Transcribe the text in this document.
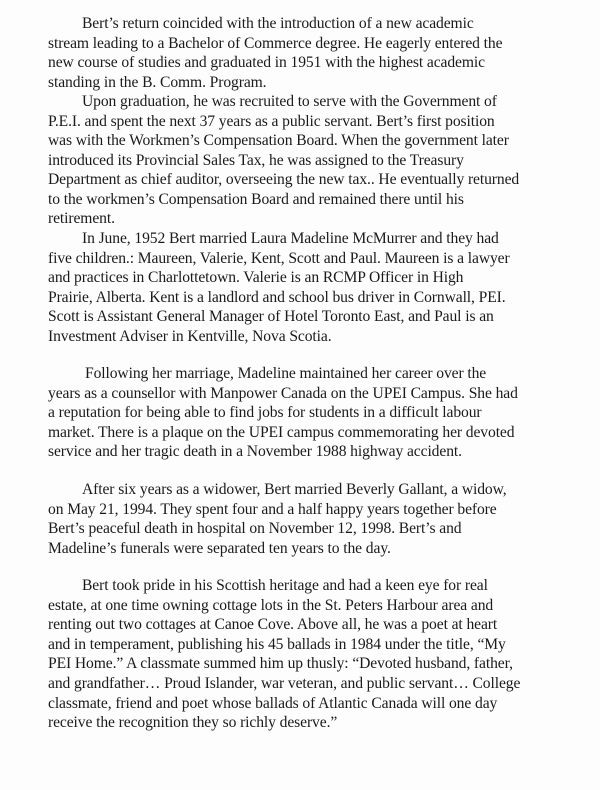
Bert’s return coincided with the introduction of a new academic
stream leading to a Bachelor of Commerce degree. He eagerly entered the
new course of studies and graduated in 1951 with the highest academic
standing in the B. Comm. Program.
Upon graduation, he was recruited to serve with the Government of
P.E.I. and spent the next 37 years as a public servant. Bert’s first position
was with the Workmen’s Compensation Board. When the government later
introduced its Provincial Sales Tax, he was assigned to the Treasury
Department as chief auditor, overseeing the new tax.. He eventually returned
to the workmen’s Compensation Board and remained there until his
retirement.
In June, 1952 Bert married Laura Madeline McMurrer and they had
five children.: Maureen, Valerie, Kent, Scott and Paul. Maureen is a lawyer
and practices in Charlottetown. Valerie is an RCMP Officer in High
Prairie, Alberta. Kent is a landlord and school bus driver in Cornwall, PEI.
Scott is Assistant General Manager of Hotel Toronto East, and Paul is an
Investment Adviser in Kentville, Nova Scotia.
Following her marriage, Madeline maintained her career over the
years as a counsellor with Manpower Canada on the UPEI Campus. She had
a reputation for being able to find jobs for students in a difficult labour
market. There is a plaque on the UPEI campus commemorating her devoted
service and her tragic death in a November 1988 highway accident.
After six years as a widower, Bert married Beverly Gallant, a widow,
on May 21, 1994. They spent four and a half happy years together before
Bert’s peaceful death in hospital on November 12, 1998. Bert’s and
Madeline’s funerals were separated ten years to the day.
Bert took pride in his Scottish heritage and had a keen eye for real
estate, at one time owning cottage lots in the St. Peters Harbour area and
renting out two cottages at Canoe Cove. Above all, he was a poet at heart
and in temperament, publishing his 45 ballads in 1984 under the title, “My
PEI Home.” A classmate summed him up thusly: “Devoted husband, father,
and grandfather… Proud Islander, war veteran, and public servant… College
classmate, friend and poet whose ballads of Atlantic Canada will one day
receive the recognition they so richly deserve.”
